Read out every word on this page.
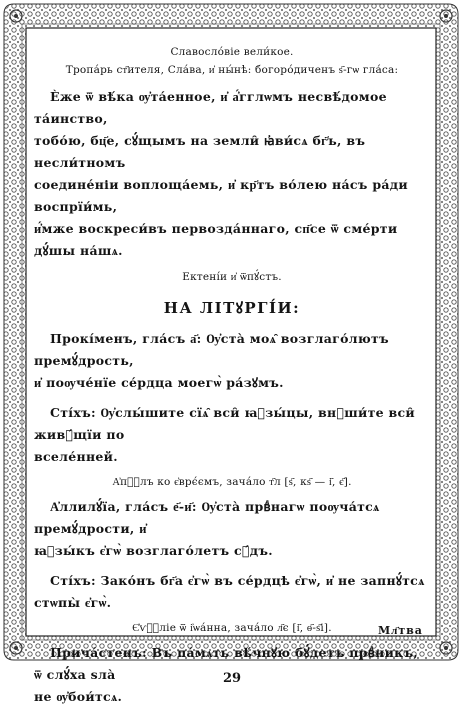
Славосло́віе вели́кое.

Тропа́рь ст҃ителя, Сла́ва, и҆ ны́нѣ: богоро́диченъ ѕ҃-гѡ гла́са:

Ѐже ѿ вѣ́ка ѹ҆та́енное, и҆ а҆́гглѡмъ несвѣ́домое та́инство,

тобо́ю, бц҃е, сꙋ́щымъ на земли̑ ꙗ҆ви́сѧ бг҃ъ, въ несли́тномъ

соедине́ніи воплоща́емь, и҆ кр҃тъ во́лею на́съ ра́ди воспрїи́мь,

и҆́мже воскреси́въ первозда́ннаго, сп҃се ѿ сме́рти дꙋ́шы на́шѧ.

Ектені́и и҆ ѿпꙋ́стъ.

НА ЛІТꙋРГІ́И:

Прокі́менъ, гла́съ а҃: Ѹ҆ста̀ моѧ̑ возглаго́лютъ премꙋ́дрость,

и҆ поѹче́нїе се́рдца моегѡ̀ ра́зꙋмъ.

Сті́хъ: Ѹ҆слы́шите сїѧ̑ вси̑ ꙗ҆зы́цы, внꙋши́те вси̑ живꙋ́щїи по

вселе́нней.

А҆пⷭ҇лъ ко є҆врє́ємъ, зача́ло т҃л [ѕ҃, кѕ҃ — і҃, є҃].

А҆ллилꙋ́їа, гла́съ е҃-и҃: Ѹ҆ста̀ првⷣнагѡ поѹча́тсѧ премꙋ́дрости, и҆

ꙗ҆зы́къ є҆гѡ̀ возглаго́летъ сꙋ́дъ.

Сті́хъ: Зако́нъ бг҃а є҆гѡ̀ въ се́рдцѣ є҆гѡ̀, и҆ не запнꙋ́тсѧ

стѡпы̀ є҆гѡ̀.

Є҆ѵⷢ҇ліе ѿ і҆ѡа́нна, зача́ло л҃є [і҃, ѳ҃-ѕ҃і].

Прича́стенъ: Въ па́мѧть вѣ́чнꙋю бꙋ́детъ првⷣникъ, ѿ слꙋ́ха ѕла̀

не ѹ҆бои́тсѧ.

Мл҃тва
29
